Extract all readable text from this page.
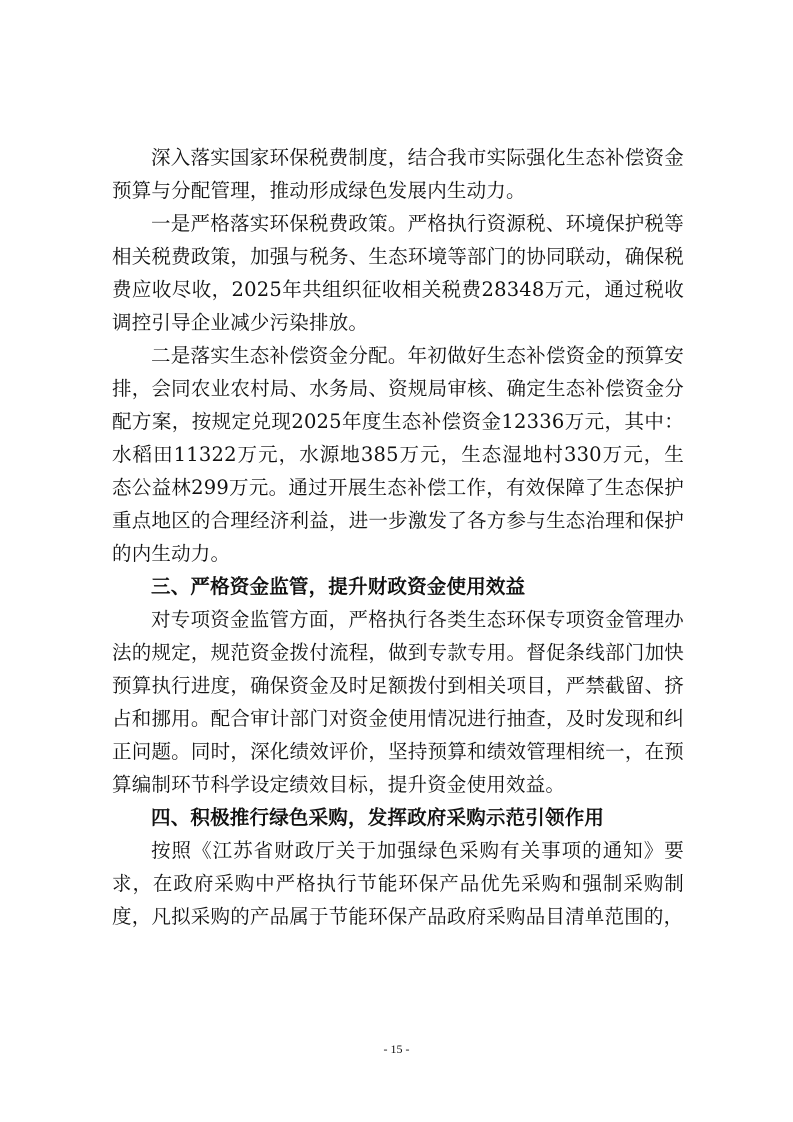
深入落实国家环保税费制度，结合我市实际强化生态补偿资金预算与分配管理，推动形成绿色发展内生动力。

一是严格落实环保税费政策。严格执行资源税、环境保护税等相关税费政策，加强与税务、生态环境等部门的协同联动，确保税费应收尽收，2025年共组织征收相关税费28348万元，通过税收调控引导企业减少污染排放。

二是落实生态补偿资金分配。年初做好生态补偿资金的预算安排，会同农业农村局、水务局、资规局审核、确定生态补偿资金分配方案，按规定兑现2025年度生态补偿资金12336万元，其中：水稻田11322万元，水源地385万元，生态湿地村330万元，生态公益林299万元。通过开展生态补偿工作，有效保障了生态保护重点地区的合理经济利益，进一步激发了各方参与生态治理和保护的内生动力。

三、严格资金监管，提升财政资金使用效益

对专项资金监管方面，严格执行各类生态环保专项资金管理办法的规定，规范资金拨付流程，做到专款专用。督促条线部门加快预算执行进度，确保资金及时足额拨付到相关项目，严禁截留、挤占和挪用。配合审计部门对资金使用情况进行抽查，及时发现和纠正问题。同时，深化绩效评价，坚持预算和绩效管理相统一，在预算编制环节科学设定绩效目标，提升资金使用效益。

四、积极推行绿色采购，发挥政府采购示范引领作用

按照《江苏省财政厅关于加强绿色采购有关事项的通知》要求，在政府采购中严格执行节能环保产品优先采购和强制采购制度，凡拟采购的产品属于节能环保产品政府采购品目清单范围的，

- 15 -
